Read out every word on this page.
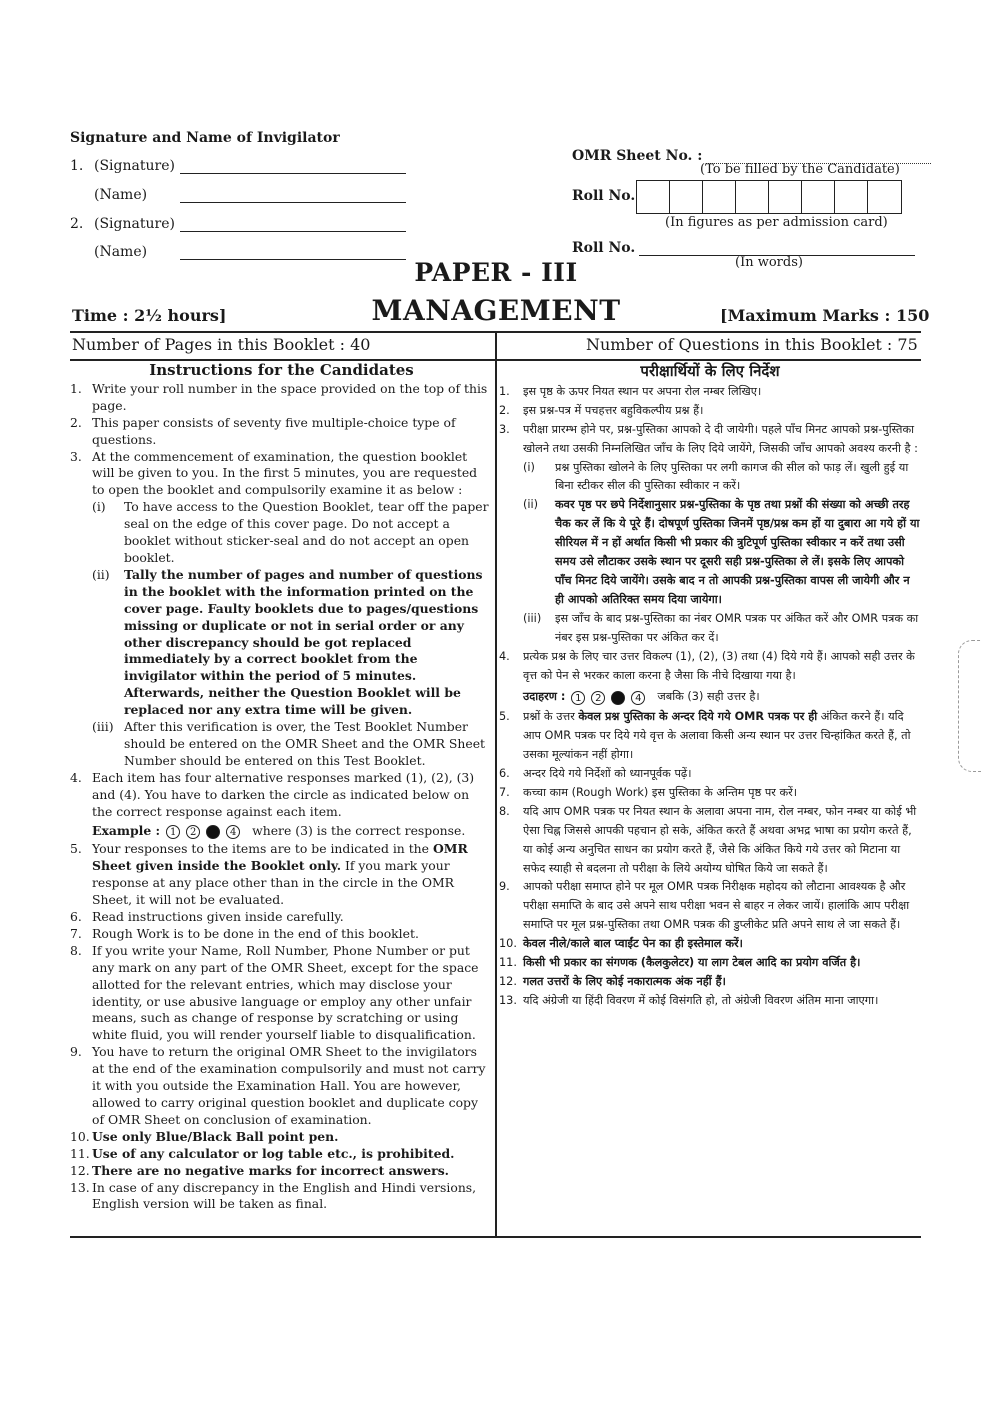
Signature and Name of Invigilator
1. (Signature)
(Name)
2. (Signature)
(Name)
OMR Sheet No. :
(To be filled by the Candidate)
Roll No.
(In figures as per admission card)
Roll No.
(In words)
PAPER - III
MANAGEMENT
Time : 2½ hours]	[Maximum Marks : 150
Number of Pages in this Booklet : 40	Number of Questions in this Booklet : 75
Instructions for the Candidates
1. Write your roll number in the space provided on the top of this page.
2. This paper consists of seventy five multiple-choice type of questions.
3. At the commencement of examination, the question booklet will be given to you. In the first 5 minutes, you are requested to open the booklet and compulsorily examine it as below :
(i)	To have access to the Question Booklet, tear off the paper seal on the edge of this cover page. Do not accept a booklet without sticker-seal and do not accept an open booklet.
(ii)	Tally the number of pages and number of questions in the booklet with the information printed on the cover page. Faulty booklets due to pages/questions missing or duplicate or not in serial order or any other discrepancy should be got replaced immediately by a correct booklet from the invigilator within the period of 5 minutes. Afterwards, neither the Question Booklet will be replaced nor any extra time will be given.
(iii) After this verification is over, the Test Booklet Number should be entered on the OMR Sheet and the OMR Sheet Number should be entered on this Test Booklet.
4. Each item has four alternative responses marked (1), (2), (3) and (4). You have to darken the circle as indicated below on the correct response against each item.
Example : 1	2	4	where (3) is the correct response.
5. Your responses to the items are to be indicated in the OMR Sheet given inside the Booklet only. If you mark your response at any place other than in the circle in the OMR Sheet, it will not be evaluated.
6. Read instructions given inside carefully.
7. Rough Work is to be done in the end of this booklet.
8. If you write your Name, Roll Number, Phone Number or put any mark on any part of the OMR Sheet, except for the space allotted for the relevant entries, which may disclose your identity, or use abusive language or employ any other unfair means, such as change of response by scratching or using white fluid, you will render yourself liable to disqualification.
9. You have to return the original OMR Sheet to the invigilators at the end of the examination compulsorily and must not carry it with you outside the Examination Hall. You are however, allowed to carry original question booklet and duplicate copy of OMR Sheet on conclusion of examination.
10. Use only Blue/Black Ball point pen.
11. Use of any calculator or log table etc., is prohibited.
12. There are no negative marks for incorrect answers.
13. In case of any discrepancy in the English and Hindi versions, English version will be taken as final.
परीक्षार्थियों के लिए निर्देश
1.	इस पृष्ठ के ऊपर नियत स्थान पर अपना रोल नम्बर लिखिए।
2.	इस प्रश्न-पत्र में पचहत्तर बहुविकल्पीय प्रश्न हैं।
3.	परीक्षा प्रारम्भ होने पर, प्रश्न-पुस्तिका आपको दे दी जायेगी। पहले पाँच मिनट आपको प्रश्न-पुस्तिका खोलने तथा उसकी निम्नलिखित जाँच के लिए दिये जायेंगे, जिसकी जाँच आपको अवश्य करनी है :
(i)	प्रश्न पुस्तिका खोलने के लिए पुस्तिका पर लगी कागज की सील को फाड़ लें। खुली हुई या बिना स्टीकर सील की पुस्तिका स्वीकार न करें।
(ii)	कवर पृष्ठ पर छपे निर्देशानुसार प्रश्न-पुस्तिका के पृष्ठ तथा प्रश्नों की संख्या को अच्छी तरह चैक कर लें कि ये पूरे हैं। दोषपूर्ण पुस्तिका जिनमें पृष्ठ/प्रश्न कम हों या दुबारा आ गये हों या सीरियल में न हों अर्थात किसी भी प्रकार की त्रुटिपूर्ण पुस्तिका स्वीकार न करें तथा उसी समय उसे लौटाकर उसके स्थान पर दूसरी सही प्रश्न-पुस्तिका ले लें। इसके लिए आपको पाँच मिनट दिये जायेंगे। उसके बाद न तो आपकी प्रश्न-पुस्तिका वापस ली जायेगी और न ही आपको अतिरिक्त समय दिया जायेगा।
(iii)	इस जाँच के बाद प्रश्न-पुस्तिका का नंबर OMR पत्रक पर अंकित करें और OMR पत्रक का नंबर इस प्रश्न-पुस्तिका पर अंकित कर दें।
4.	प्रत्येक प्रश्न के लिए चार उत्तर विकल्प (1), (2), (3) तथा (4) दिये गये हैं। आपको सही उत्तर के वृत्त को पेन से भरकर काला करना है जैसा कि नीचे दिखाया गया है।
उदाहरण : 1	2	4	जबकि (3) सही उत्तर है।
5.	प्रश्नों के उत्तर केवल प्रश्न पुस्तिका के अन्दर दिये गये OMR पत्रक पर ही अंकित करने हैं। यदि आप OMR पत्रक पर दिये गये वृत्त के अलावा किसी अन्य स्थान पर उत्तर चिन्हांकित करते हैं, तो उसका मूल्यांकन नहीं होगा।
6.	अन्दर दिये गये निर्देशों को ध्यानपूर्वक पढ़ें।
7.	कच्चा काम (Rough Work) इस पुस्तिका के अन्तिम पृष्ठ पर करें।
8.	यदि आप OMR पत्रक पर नियत स्थान के अलावा अपना नाम, रोल नम्बर, फोन नम्बर या कोई भी ऐसा चिह्न जिससे आपकी पहचान हो सके, अंकित करते हैं अथवा अभद्र भाषा का प्रयोग करते हैं, या कोई अन्य अनुचित साधन का प्रयोग करते हैं, जैसे कि अंकित किये गये उत्तर को मिटाना या सफेद स्याही से बदलना तो परीक्षा के लिये अयोग्य घोषित किये जा सकते हैं।
9.	आपको परीक्षा समाप्त होने पर मूल OMR पत्रक निरीक्षक महोदय को लौटाना आवश्यक है और परीक्षा समाप्ति के बाद उसे अपने साथ परीक्षा भवन से बाहर न लेकर जायें। हालांकि आप परीक्षा समाप्ति पर मूल प्रश्न-पुस्तिका तथा OMR पत्रक की डुप्लीकेट प्रति अपने साथ ले जा सकते हैं।
10. केवल नीले/काले बाल प्वाईंट पेन का ही इस्तेमाल करें।
11. किसी भी प्रकार का संगणक (कैलकुलेटर) या लाग टेबल आदि का प्रयोग वर्जित है।
12. गलत उत्तरों के लिए कोई नकारात्मक अंक नहीं हैं।
13. यदि अंग्रेजी या हिंदी विवरण में कोई विसंगति हो, तो अंग्रेजी विवरण अंतिम माना जाएगा।
